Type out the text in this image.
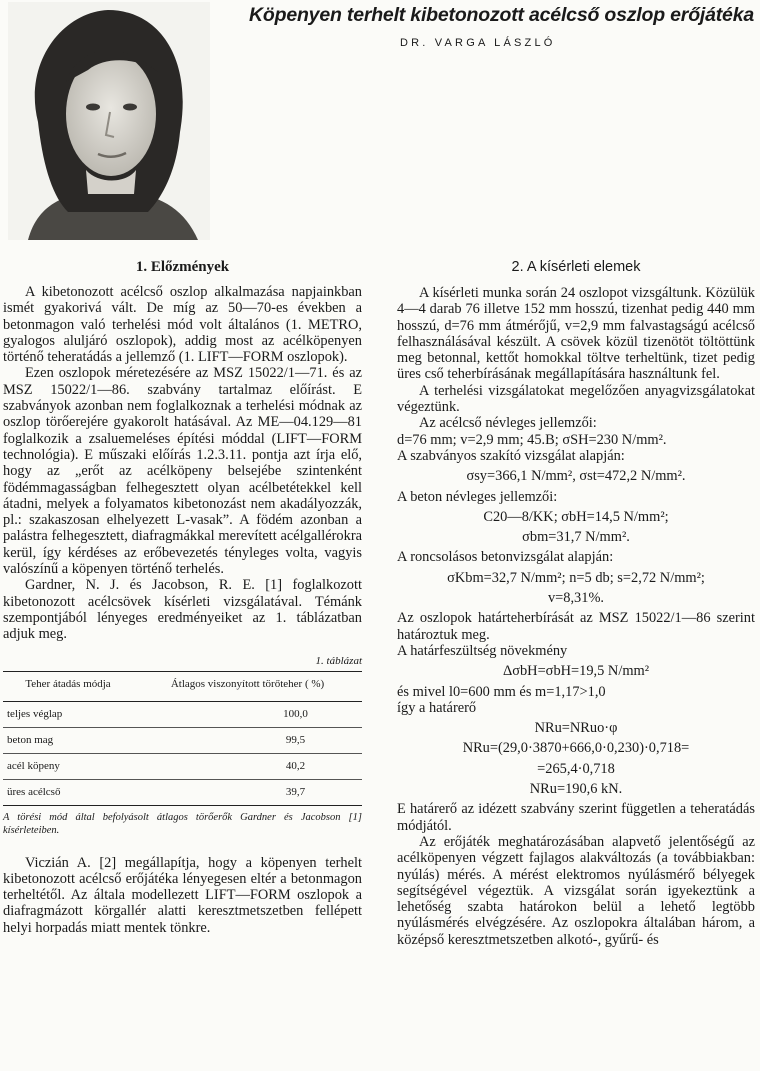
Köpenyen terhelt kibetonozott acélcső oszlop erőjátéka
DR. VARGA LÁSZLÓ
1. Előzmények

A kibetonozott acélcső oszlop alkalmazása napjainkban ismét gyakorivá vált. De míg az 50—70-es években a betonmagon való terhelési mód volt általános (1. METRO, gyalogos aluljáró oszlopok), addig most az acélköpenyen történő teheratádás a jellemző (1. LIFT—FORM oszlopok).

Ezen oszlopok méretezésére az MSZ 15022/1—71. és az MSZ 15022/1—86. szabvány tartalmaz előírást. E szabványok azonban nem foglalkoznak a terhelési módnak az oszlop törőerejére gyakorolt hatásával. Az ME—04.129—81 foglalkozik a zsaluemeléses építési móddal (LIFT—FORM technológia). E műszaki előírás 1.2.3.11. pontja azt írja elő, hogy az „erőt az acélköpeny belsejébe szintenként födémmagasságban felhegesztett olyan acélbetétekkel kell átadni, melyek a folyamatos kibetonozást nem akadályozzák, pl.: szakaszosan elhelyezett L-vasak”. A födém azonban a palástra felhegesztett, diafragmákkal merevített acélgallérokra kerül, így kérdéses az erőbevezetés tényleges volta, vagyis valószínű a köpenyen történő terhelés.

Gardner, N. J. és Jacobson, R. E. [1] foglalkozott kibetonozott acélcsövek kísérleti vizsgálatával. Témánk szempontjából lényeges eredményeiket az 1. táblázatban adjuk meg.

1. táblázat
Teher átadás módja	Átlagos viszonyított törőteher ( %)
teljes véglap	100,0
beton mag	99,5
acél köpeny	40,2
üres acélcső	39,7
A törési mód által befolyásolt átlagos törőerők Gardner és Jacobson [1] kísérleteiben.

Viczián A. [2] megállapítja, hogy a köpenyen terhelt kibetonozott acélcső erőjátéka lényegesen eltér a betonmagon terheltétől. Az általa modellezett LIFT—FORM oszlopok a diafragmázott körgallér alatti keresztmetszetben fellépett helyi horpadás miatt mentek tönkre.

2. A kísérleti elemek

A kísérleti munka során 24 oszlopot vizsgáltunk. Közülük 4—4 darab 76 illetve 152 mm hosszú, tizenhat pedig 440 mm hosszú, d=76 mm átmérőjű, v=2,9 mm falvastagságú acélcső felhasználásával készült. A csövek közül tizenötöt töltöttünk meg betonnal, kettőt homokkal töltve terheltünk, tizet pedig üres cső teherbírásának megállapítására használtunk fel.

A terhelési vizsgálatokat megelőzően anyagvizsgálatokat végeztünk.

Az acélcső névleges jellemzői:

d=76 mm; v=2,9 mm; 45.B; σSH=230 N/mm².

A szabványos szakító vizsgálat alapján:

σsy=366,1 N/mm², σst=472,2 N/mm².

A beton névleges jellemzői:

C20—8/KK; σbH=14,5 N/mm²;
σbm=31,7 N/mm².

A roncsolásos betonvizsgálat alapján:

σKbm=32,7 N/mm²; n=5 db; s=2,72 N/mm²;
v=8,31%.

Az oszlopok határteherbírását az MSZ 15022/1—86 szerint határoztuk meg.

A határfeszültség növekmény

ΔσbH=σbH=19,5 N/mm²

és mivel l0=600 mm és m=1,17>1,0

így a határerő

NRu=NRuo·φ
NRu=(29,0·3870+666,0·0,230)·0,718=
=265,4·0,718
NRu=190,6 kN.

E határerő az idézett szabvány szerint független a teheratádás módjától.

Az erőjáték meghatározásában alapvető jelentőségű az acélköpenyen végzett fajlagos alakváltozás (a továbbiakban: nyúlás) mérés. A mérést elektromos nyúlásmérő bélyegek segítségével végeztük. A vizsgálat során igyekeztünk a lehetőség szabta határokon belül a lehető legtöbb nyúlásmérés elvégzésére. Az oszlopokra általában három, a középső keresztmetszetben alkotó-, gyűrű- és
